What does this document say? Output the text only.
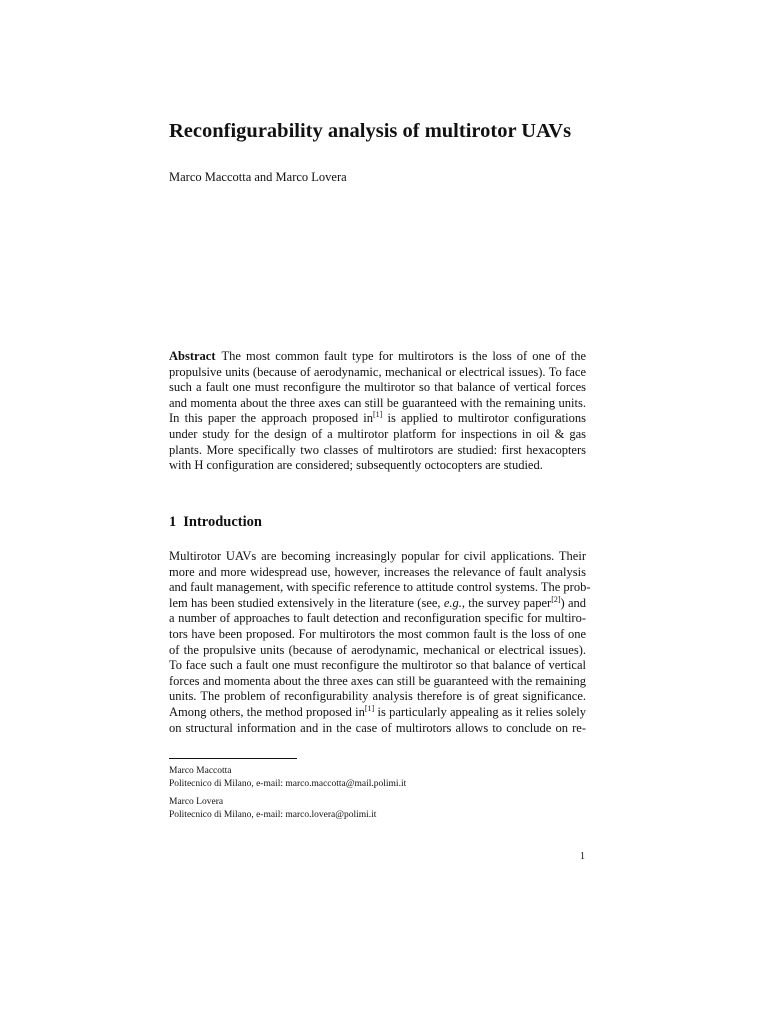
Reconfigurability analysis of multirotor UAVs
Marco Maccotta and Marco Lovera
Abstract The most common fault type for multirotors is the loss of one of the propulsive units (because of aerodynamic, mechanical or electrical issues). To face such a fault one must reconfigure the multirotor so that balance of vertical forces and momenta about the three axes can still be guaranteed with the remaining units. In this paper the approach proposed in[1] is applied to multirotor configurations under study for the design of a multirotor platform for inspections in oil & gas plants. More specifically two classes of multirotors are studied: first hexacopters with H configuration are considered; subsequently octocopters are studied.
1 Introduction
Multirotor UAVs are becoming increasingly popular for civil applications. Their
more and more widespread use, however, increases the relevance of fault analysis
and fault management, with specific reference to attitude control systems. The prob-
lem has been studied extensively in the literature (see, e.g., the survey paper[2]) and
a number of approaches to fault detection and reconfiguration specific for multiro-
tors have been proposed. For multirotors the most common fault is the loss of one
of the propulsive units (because of aerodynamic, mechanical or electrical issues).
To face such a fault one must reconfigure the multirotor so that balance of vertical
forces and momenta about the three axes can still be guaranteed with the remaining
units. The problem of reconfigurability analysis therefore is of great significance.
Among others, the method proposed in[1] is particularly appealing as it relies solely
on structural information and in the case of multirotors allows to conclude on re-
Marco Maccotta
Politecnico di Milano, e-mail: marco.maccotta@mail.polimi.it
Marco Lovera
Politecnico di Milano, e-mail: marco.lovera@polimi.it
1
